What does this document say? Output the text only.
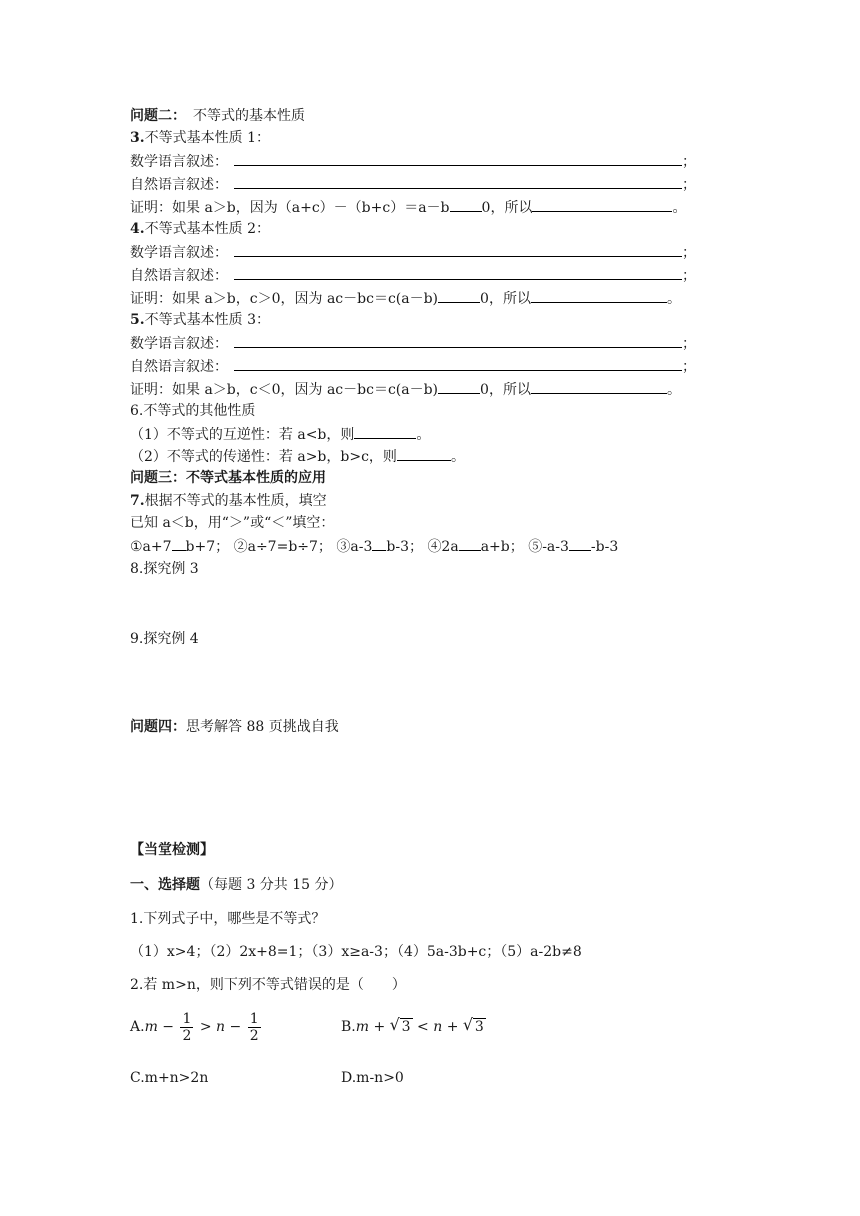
问题二：　不等式的基本性质
3.不等式基本性质 1：
数学语言叙述：	；
自然语言叙述：	；
证明：如果 a＞b，因为（a+c）－（b+c）＝a－b 0，所以	。
4.不等式基本性质 2：
数学语言叙述：	；
自然语言叙述：	；
证明：如果 a＞b，c＞0，因为 ac－bc＝c(a－b)	0，所以	。
5.不等式基本性质 3：
数学语言叙述：	；
自然语言叙述：	；
证明：如果 a＞b，c＜0，因为 ac－bc＝c(a－b)	0，所以	。
6.不等式的其他性质
（1）不等式的互逆性：若 a<b，则	。
（2）不等式的传递性：若 a>b，b>c，则	。
问题三：不等式基本性质的应用
7.根据不等式的基本性质，填空
已知 a＜b，用“＞”或“＜”填空：
①a+7 b+7； ②a÷7=b÷7； ③a-3 b-3； ④2a a+b； ⑤-a-3 -b-3
8.探究例 3
9.探究例 4
问题四：思考解答 88 页挑战自我
【当堂检测】
一、选择题（每题 3 分共 15 分）
1.下列式子中，哪些是不等式？
（1）x>4；（2）2x+8=1；（3）x≥a-3；（4）5a-3b+c；（5）a-2b≠8
2.若 m>n，则下列不等式错误的是（　　）
$A.m - \frac{1}{2} > n - \frac{1}{2}$	B.m + √ 3 < n + √ 3
C.m+n>2n	D.m-n>0
